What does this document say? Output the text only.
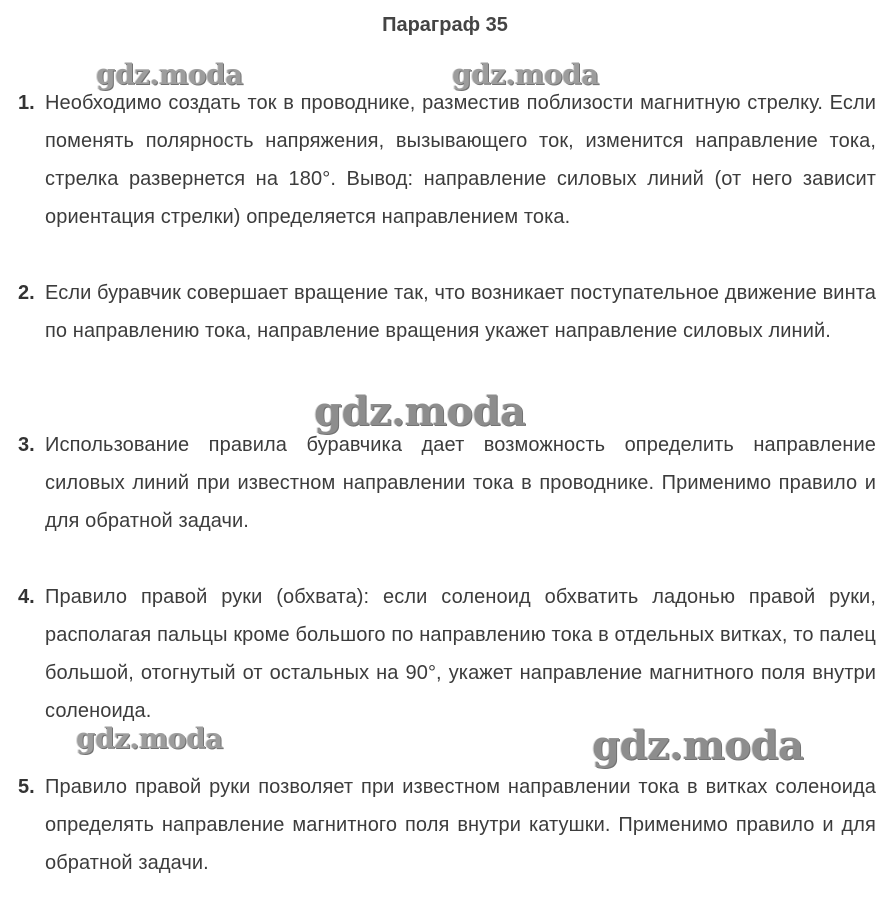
Параграф 35
1. Необходимо создать ток в проводнике, разместив поблизости магнитную стрелку. Если поменять полярность напряжения, вызывающего ток, изменится направление тока, стрелка развернется на 180°. Вывод: направление силовых линий (от него зависит ориентация стрелки) определяется направлением тока.
2. Если буравчик совершает вращение так, что возникает поступательное движение винта по направлению тока, направление вращения укажет направление силовых линий.
3. Использование правила буравчика дает возможность определить направление силовых линий при известном направлении тока в проводнике. Применимо правило и для обратной задачи.
4. Правило правой руки (обхвата): если соленоид обхватить ладонью правой руки, располагая пальцы кроме большого по направлению тока в отдельных витках, то палец большой, отогнутый от остальных на 90°, укажет направление магнитного поля внутри соленоида.
5. Правило правой руки позволяет при известном направлении тока в витках соленоида определять направление магнитного поля внутри катушки. Применимо правило и для обратной задачи.
gdz.moda	gdz.moda
gdz.moda
gdz.moda	gdz.moda
